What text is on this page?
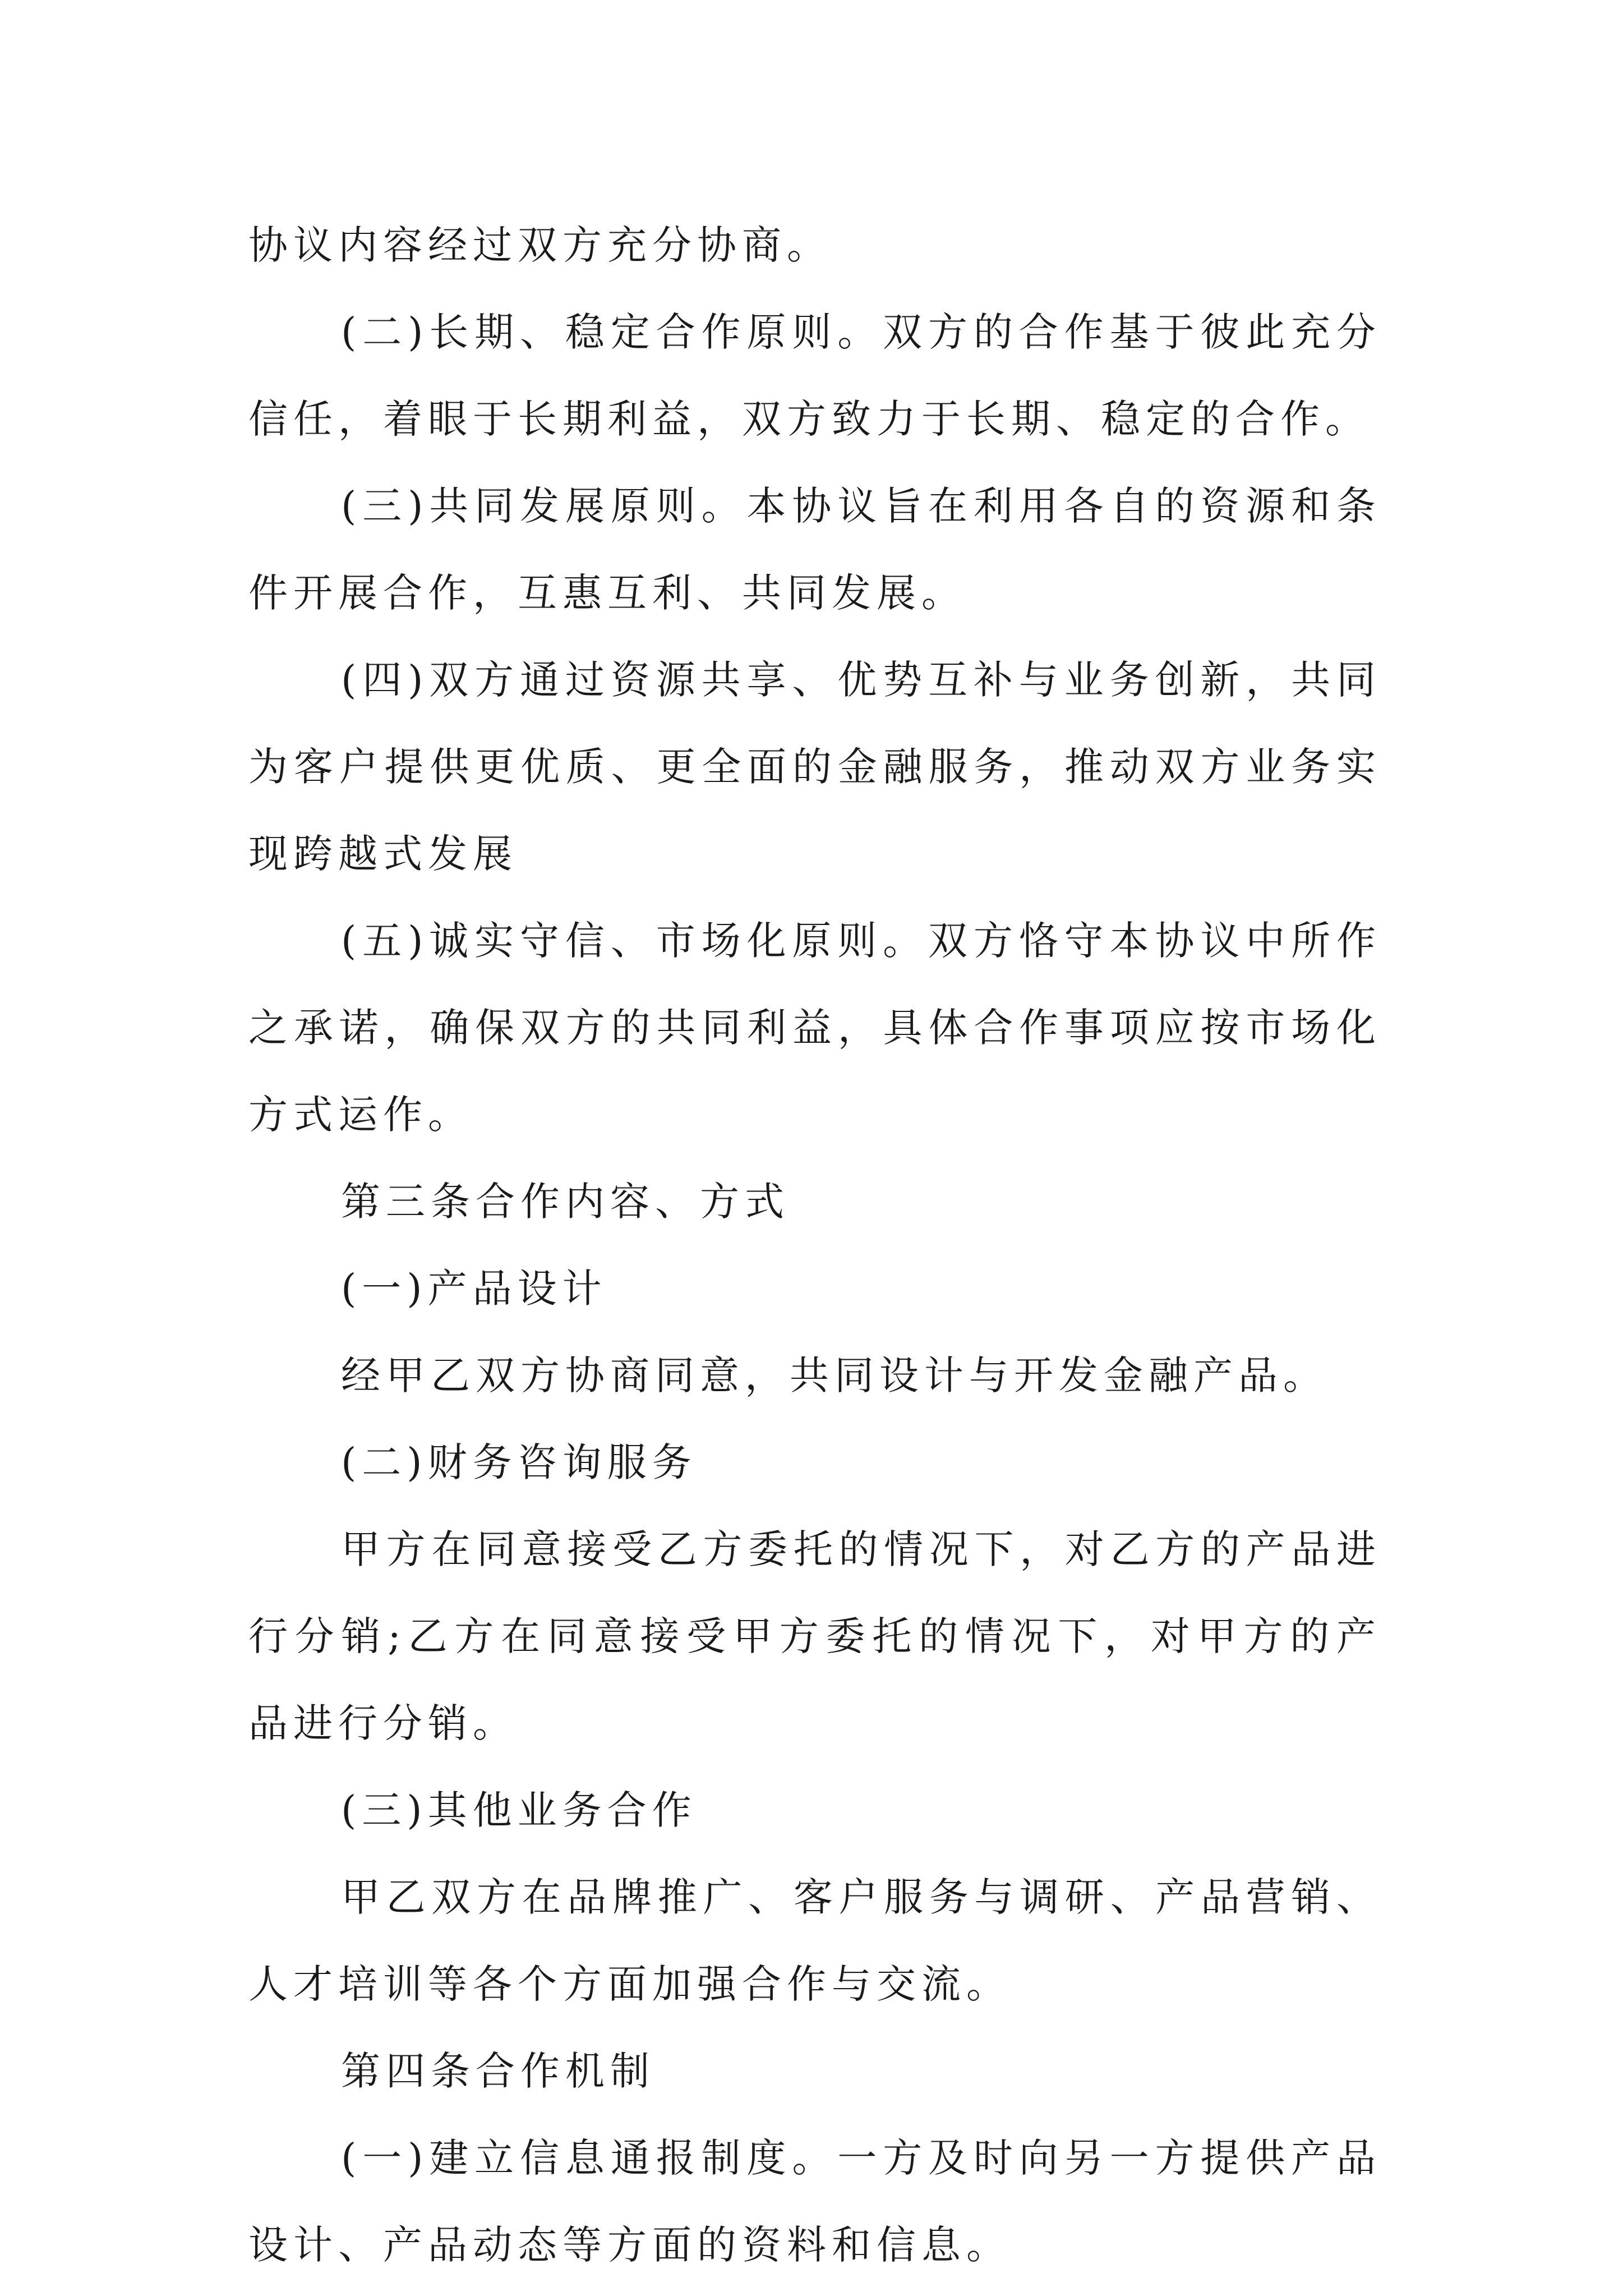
协议内容经过双方充分协商。

(二)长期、稳定合作原则。双方的合作基于彼此充分信任，着眼于长期利益，双方致力于长期、稳定的合作。

(三)共同发展原则。本协议旨在利用各自的资源和条件开展合作，互惠互利、共同发展。

(四)双方通过资源共享、优势互补与业务创新，共同为客户提供更优质、更全面的金融服务，推动双方业务实现跨越式发展

(五)诚实守信、市场化原则。双方恪守本协议中所作之承诺，确保双方的共同利益，具体合作事项应按市场化方式运作。

第三条合作内容、方式

(一)产品设计

经甲乙双方协商同意，共同设计与开发金融产品。

(二)财务咨询服务

甲方在同意接受乙方委托的情况下，对乙方的产品进行分销;乙方在同意接受甲方委托的情况下，对甲方的产品进行分销。

(三)其他业务合作

甲乙双方在品牌推广、客户服务与调研、产品营销、人才培训等各个方面加强合作与交流。

第四条合作机制

(一)建立信息通报制度。一方及时向另一方提供产品设计、产品动态等方面的资料和信息。
